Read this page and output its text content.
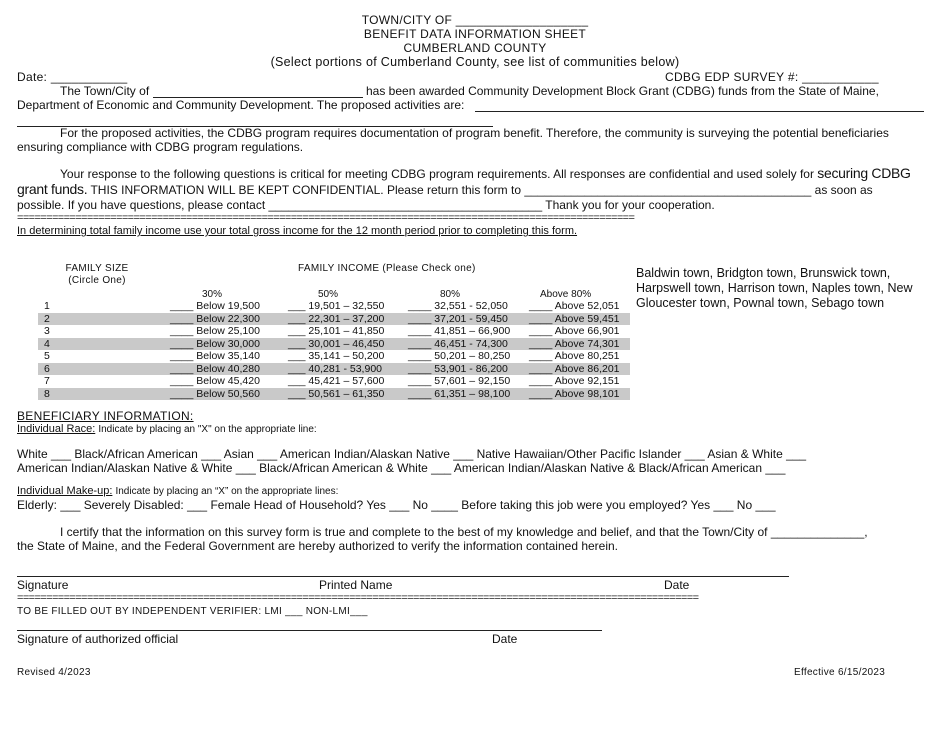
TOWN/CITY OF ___________________
BENEFIT DATA INFORMATION SHEET
CUMBERLAND COUNTY
(Select portions of Cumberland County, see list of communities below)
Date: ___________	CDBG EDP SURVEY #: ___________
The Town/City of	has been awarded Community Development Block Grant (CDBG) funds from the State of Maine,
Department of Economic and Community Development. The proposed activities are:
For the proposed activities, the CDBG program requires documentation of program benefit. Therefore, the community is surveying the potential beneficiaries
ensuring compliance with CDBG program regulations.
Your response to the following questions is critical for meeting CDBG program requirements. All responses are confidential and used solely for securing CDBG
grant funds. THIS INFORMATION WILL BE KEPT CONFIDENTIAL. Please return this form to ___________________________________________ as soon as
possible. If you have questions, please contact _________________________________________ Thank you for your cooperation.
==========================================================================================================
In determining total family income use your total gross income for the 12 month period prior to completing this form.
FAMILY SIZE
(Circle One)
FAMILY INCOME (Please Check one)
30%	50%	80%	Above 80%
1	____ Below 19,500	___ 19,501 – 32,550	____ 32,551 - 52,050	____ Above 52,051
2	____ Below 22,300	___ 22,301 – 37,200	____ 37,201 - 59,450	____ Above 59,451
3	____ Below 25,100	___ 25,101 – 41,850	____ 41,851 – 66,900	____ Above 66,901
4	____ Below 30,000	___ 30,001 – 46,450	____ 46,451 - 74,300	____ Above 74,301
5	____ Below 35,140	___ 35,141 – 50,200	____ 50,201 – 80,250	____ Above 80,251
6	____ Below 40,280	___ 40,281 - 53,900	____ 53,901 - 86,200	____ Above 86,201
7	____ Below 45,420	___ 45,421 – 57,600	____ 57,601 – 92,150	____ Above 92,151
8	____ Below 50,560	___ 50,561 – 61,350	____ 61,351 – 98,100	____ Above 98,101
Baldwin town, Bridgton town, Brunswick town, Harpswell town, Harrison town, Naples town, New Gloucester town, Pownal town, Sebago town
BENEFICIARY INFORMATION:
Individual Race: Indicate by placing an "X" on the appropriate line:
White ___ Black/African American ___ Asian ___ American Indian/Alaskan Native ___ Native Hawaiian/Other Pacific Islander ___ Asian & White ___
American Indian/Alaskan Native & White ___ Black/African American & White ___ American Indian/Alaskan Native & Black/African American ___
Individual Make-up: Indicate by placing an “X” on the appropriate lines:
Elderly: ___ Severely Disabled: ___ Female Head of Household? Yes ___ No ____ Before taking this job were you employed? Yes ___ No ___
I certify that the information on this survey form is true and complete to the best of my knowledge and belief, and that the Town/City of ______________,
the State of Maine, and the Federal Government are hereby authorized to verify the information contained herein.
Signature	Printed Name	Date
=====================================================================================================================
TO BE FILLED OUT BY INDEPENDENT VERIFIER: LMI ___ NON-LMI___
Signature of authorized official	Date
Revised 4/2023	Effective 6/15/2023
